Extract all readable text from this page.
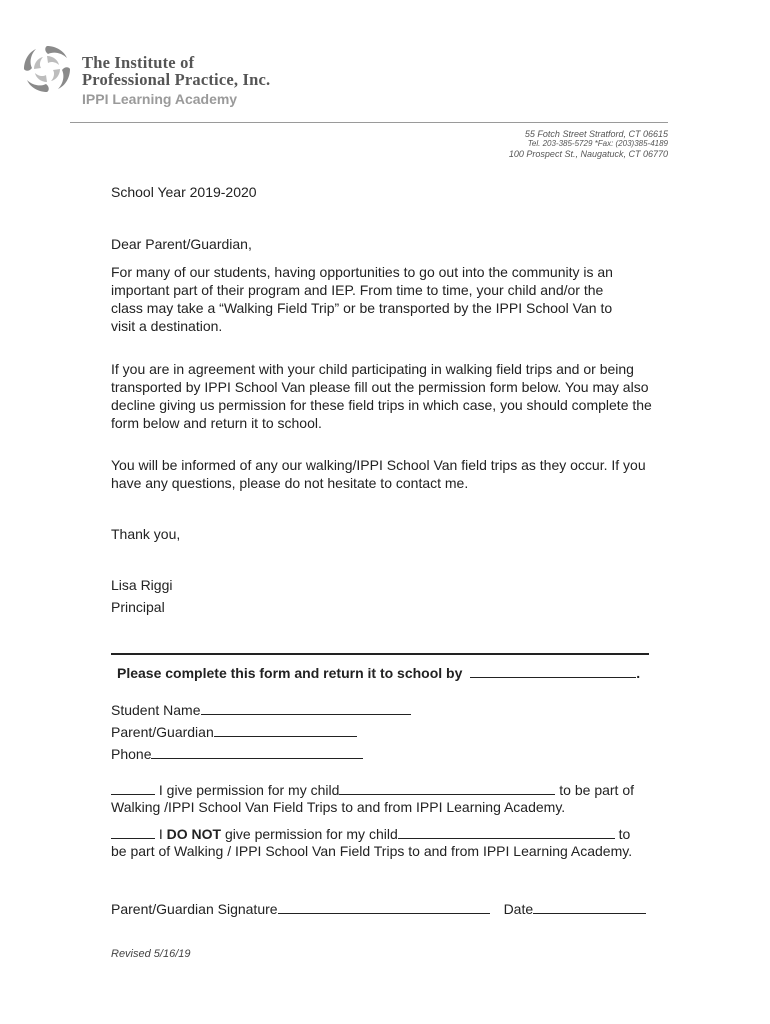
The Institute of
Professional Practice, Inc.
IPPI Learning Academy
55 Fotch Street Stratford, CT 06615
Tel. 203-385-5729 *Fax: (203)385-4189
100 Prospect St., Naugatuck, CT 06770
School Year 2019-2020
Dear Parent/Guardian,

For many of our students, having opportunities to go out into the community is an

important part of their program and IEP. From time to time, your child and/or the

class may take a “Walking Field Trip” or be transported by the IPPI School Van to

visit a destination.

If you are in agreement with your child participating in walking field trips and or being

transported by IPPI School Van please fill out the permission form below. You may also

decline giving us permission for these field trips in which case, you should complete the

form below and return it to school.

You will be informed of any our walking/IPPI School Van field trips as they occur. If you

have any questions, please do not hesitate to contact me.

Thank you,
Lisa Riggi
Principal
Please complete this form and return it to school by	.
Student Name
Parent/Guardian
Phone
I give permission for my child	to be part of
Walking /IPPI School Van Field Trips to and from IPPI Learning Academy.
I DO NOT give permission for my child	to
be part of Walking / IPPI School Van Field Trips to and from IPPI Learning Academy.
Parent/Guardian Signature	Date
Revised 5/16/19
